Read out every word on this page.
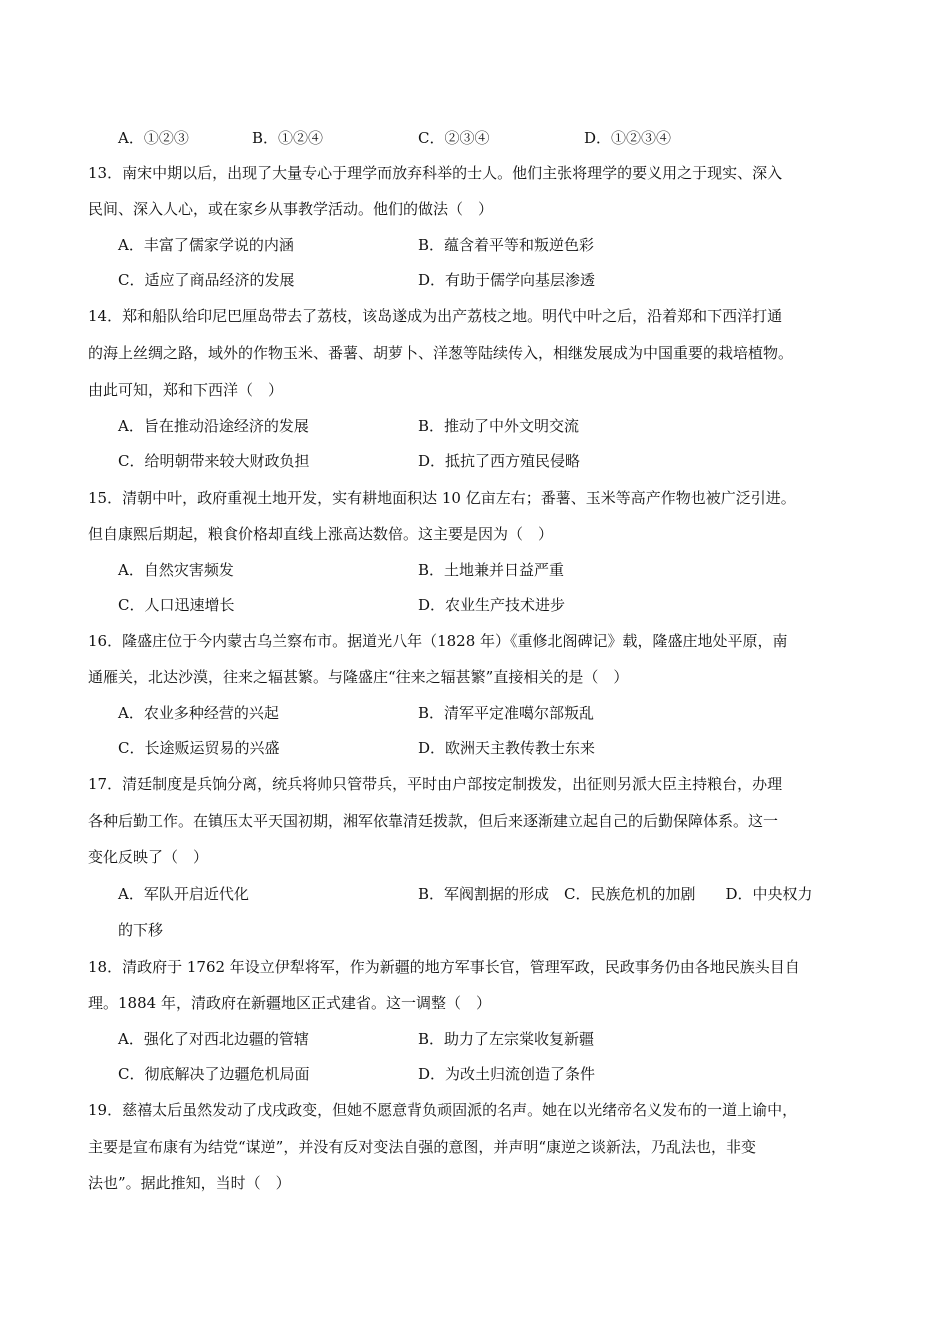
A．①②③	B．①②④	C．②③④	D．①②③④
13．南宋中期以后，出现了大量专心于理学而放弃科举的士人。他们主张将理学的要义用之于现实、深入
民间、深入人心，或在家乡从事教学活动。他们的做法（　）
A．丰富了儒家学说的内涵	B．蕴含着平等和叛逆色彩
C．适应了商品经济的发展	D．有助于儒学向基层渗透
14．郑和船队给印尼巴厘岛带去了荔枝，该岛遂成为出产荔枝之地。明代中叶之后，沿着郑和下西洋打通
的海上丝绸之路，域外的作物玉米、番薯、胡萝卜、洋葱等陆续传入，相继发展成为中国重要的栽培植物。
由此可知，郑和下西洋（　）
A．旨在推动沿途经济的发展	B．推动了中外文明交流
C．给明朝带来较大财政负担	D．抵抗了西方殖民侵略
15．清朝中叶，政府重视土地开发，实有耕地面积达 10 亿亩左右；番薯、玉米等高产作物也被广泛引进。
但自康熙后期起，粮食价格却直线上涨高达数倍。这主要是因为（　）
A．自然灾害频发	B．土地兼并日益严重
C．人口迅速增长	D．农业生产技术进步
16．隆盛庄位于今内蒙古乌兰察布市。据道光八年（1828 年）《重修北阁碑记》载，隆盛庄地处平原，南
通雁关，北达沙漠，往来之辐甚繁。与隆盛庄“往来之辐甚繁”直接相关的是（　）
A．农业多种经营的兴起	B．清军平定准噶尔部叛乱
C．长途贩运贸易的兴盛	D．欧洲天主教传教士东来
17．清廷制度是兵饷分离，统兵将帅只管带兵，平时由户部按定制拨发，出征则另派大臣主持粮台，办理
各种后勤工作。在镇压太平天国初期，湘军依靠清廷拨款，但后来逐渐建立起自己的后勤保障体系。这一
变化反映了（　）
A．军队开启近代化	B．军阀割据的形成　C．民族危机的加剧　　D．中央权力
的下移
18．清政府于 1762 年设立伊犁将军，作为新疆的地方军事长官，管理军政，民政事务仍由各地民族头目自
理。1884 年，清政府在新疆地区正式建省。这一调整（　）
A．强化了对西北边疆的管辖	B．助力了左宗棠收复新疆
C．彻底解决了边疆危机局面	D．为改土归流创造了条件
19．慈禧太后虽然发动了戊戌政变，但她不愿意背负顽固派的名声。她在以光绪帝名义发布的一道上谕中，
主要是宣布康有为结党“谋逆”，并没有反对变法自强的意图，并声明“康逆之谈新法，乃乱法也，非变
法也”。据此推知，当时（　）
